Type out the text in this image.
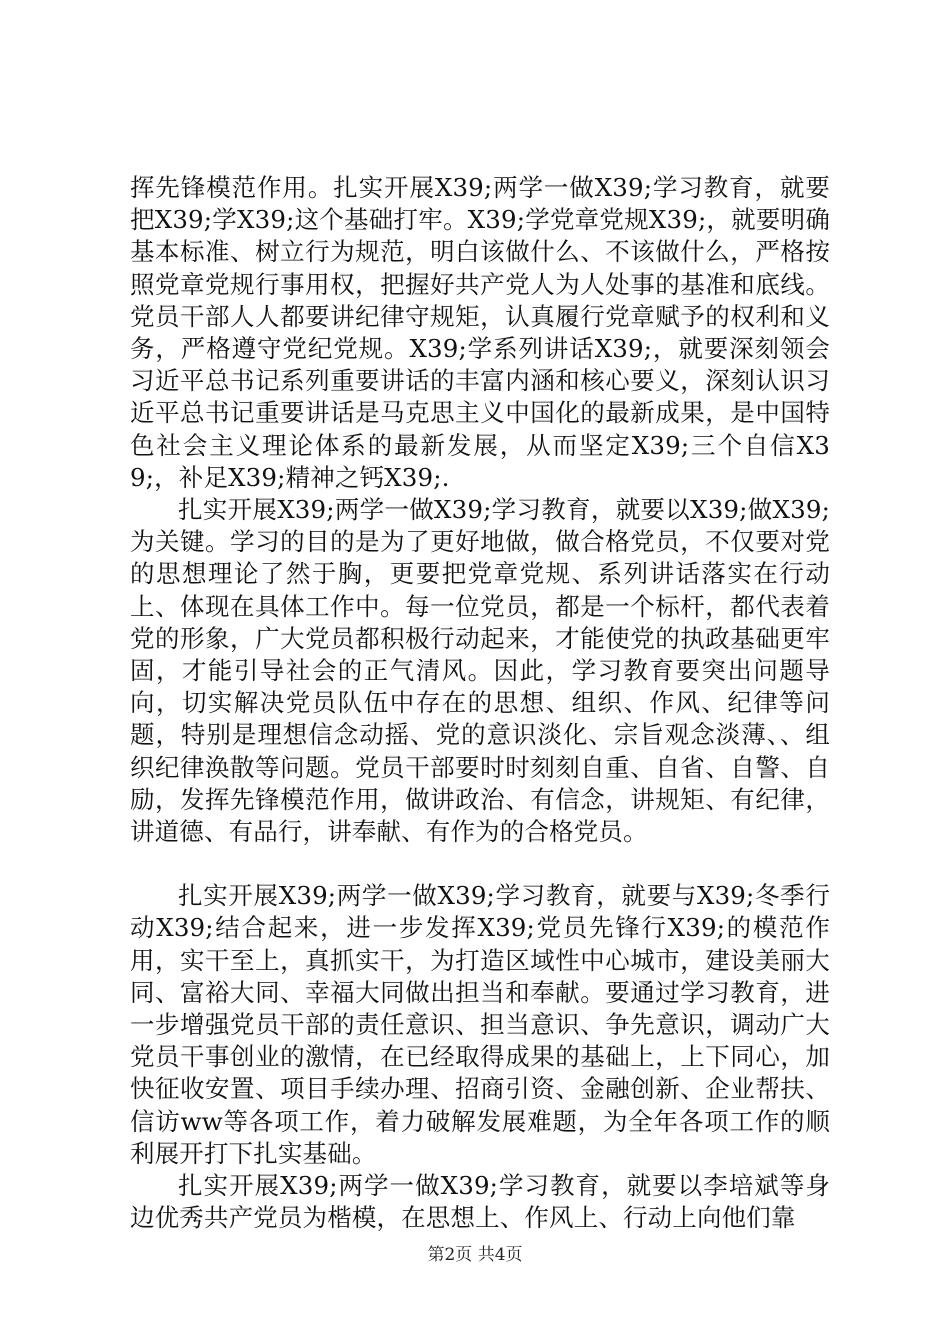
挥先锋模范作用。扎实开展X39;两学一做X39;学习教育，就要把X39;学X39;这个基础打牢。X39;学党章党规X39;，就要明确基本标准、树立行为规范，明白该做什么、不该做什么，严格按照党章党规行事用权，把握好共产党人为人处事的基准和底线。党员干部人人都要讲纪律守规矩，认真履行党章赋予的权利和义务，严格遵守党纪党规。X39;学系列讲话X39;，就要深刻领会习近平总书记系列重要讲话的丰富内涵和核心要义，深刻认识习近平总书记重要讲话是马克思主义中国化的最新成果，是中国特色社会主义理论体系的最新发展，从而坚定X39;三个自信X39;，补足X39;精神之钙X39;.

扎实开展X39;两学一做X39;学习教育，就要以X39;做X39;为关键。学习的目的是为了更好地做，做合格党员，不仅要对党的思想理论了然于胸，更要把党章党规、系列讲话落实在行动上、体现在具体工作中。每一位党员，都是一个标杆，都代表着党的形象，广大党员都积极行动起来，才能使党的执政基础更牢固，才能引导社会的正气清风。因此，学习教育要突出问题导向，切实解决党员队伍中存在的思想、组织、作风、纪律等问题，特别是理想信念动摇、党的意识淡化、宗旨观念淡薄、、组织纪律涣散等问题。党员干部要时时刻刻自重、自省、自警、自励，发挥先锋模范作用，做讲政治、有信念，讲规矩、有纪律，讲道德、有品行，讲奉献、有作为的合格党员。

扎实开展X39;两学一做X39;学习教育，就要与X39;冬季行动X39;结合起来，进一步发挥X39;党员先锋行X39;的模范作用，实干至上，真抓实干，为打造区域性中心城市，建设美丽大同、富裕大同、幸福大同做出担当和奉献。要通过学习教育，进一步增强党员干部的责任意识、担当意识、争先意识，调动广大党员干事创业的激情，在已经取得成果的基础上，上下同心，加快征收安置、项目手续办理、招商引资、金融创新、企业帮扶、信访ww等各项工作，着力破解发展难题，为全年各项工作的顺利展开打下扎实基础。

扎实开展X39;两学一做X39;学习教育，就要以李培斌等身边优秀共产党员为楷模，在思想上、作风上、行动上向他们靠

第2页 共4页
